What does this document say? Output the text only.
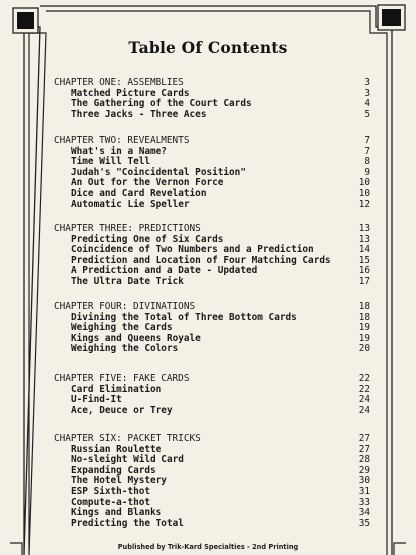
Table Of Contents
CHAPTER ONE: ASSEMBLIES	3
Matched Picture Cards	3
The Gathering of the Court Cards	4
Three Jacks - Three Aces	5
CHAPTER TWO: REVEALMENTS	7
What's in a Name?	7
Time Will Tell	8
Judah's "Coincidental Position"	9
An Out for the Vernon Force	10
Dice and Card Revelation	10
Automatic Lie Speller	12
CHAPTER THREE: PREDICTIONS	13
Predicting One of Six Cards	13
Coincidence of Two Numbers and a Prediction	14
Prediction and Location of Four Matching Cards	15
A Prediction and a Date - Updated	16
The Ultra Date Trick	17
CHAPTER FOUR: DIVINATIONS	18
Divining the Total of Three Bottom Cards	18
Weighing the Cards	19
Kings and Queens Royale	19
Weighing the Colors	20
CHAPTER FIVE: FAKE CARDS	22
Card Elimination	22
U-Find-It	24
Ace, Deuce or Trey	24
CHAPTER SIX: PACKET TRICKS	27
Russian Roulette	27
No-sleight Wild Card	28
Expanding Cards	29
The Hotel Mystery	30
ESP Sixth-thot	31
Compute-a-thot	33
Kings and Blanks	34
Predicting the Total	35
Published by Trik-Kard Specialties - 2nd Printing
